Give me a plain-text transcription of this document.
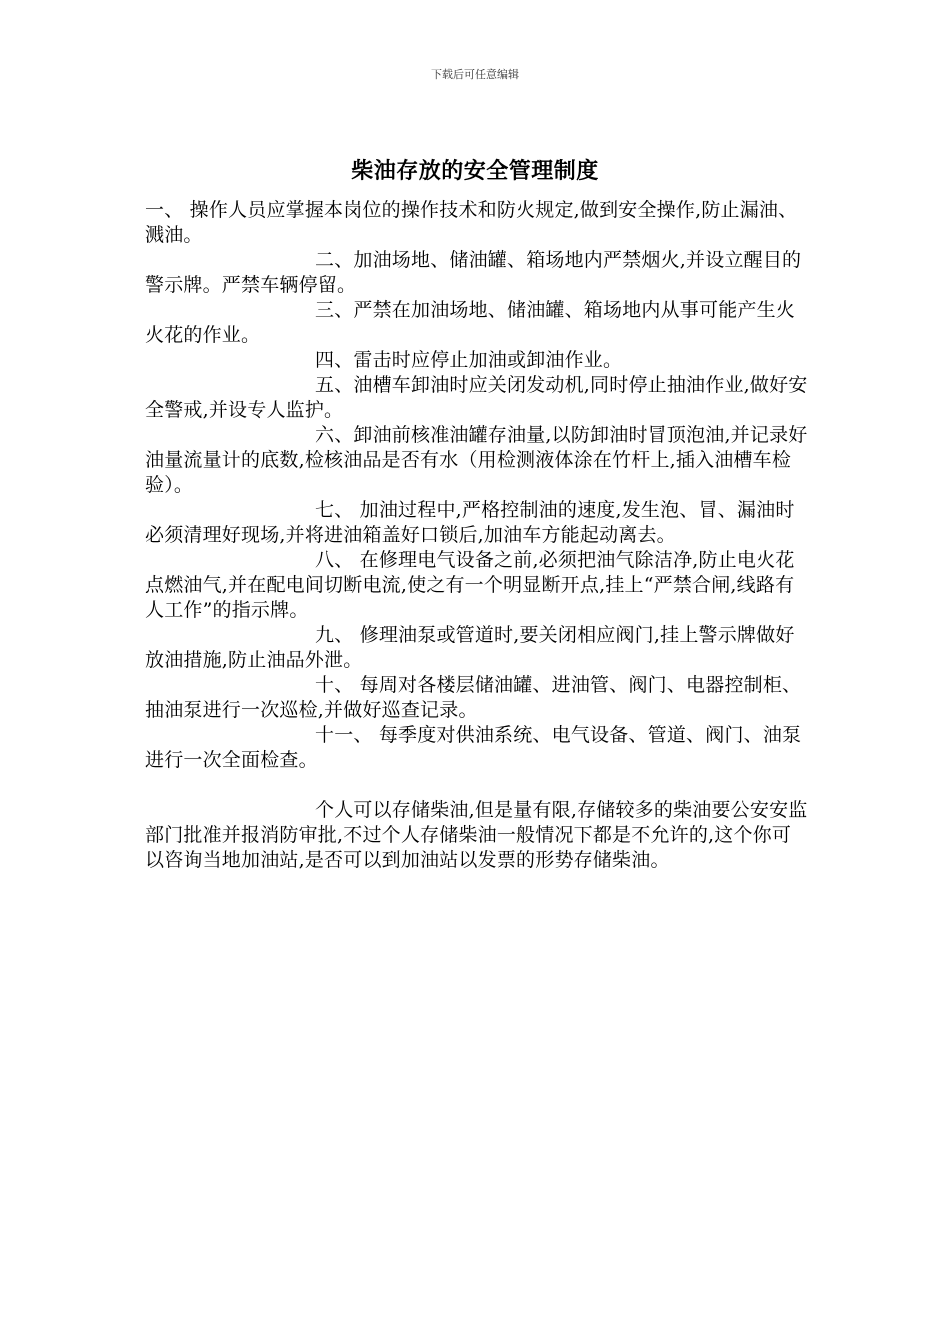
下载后可任意编辑
柴油存放的安全管理制度

一、 操作人员应掌握本岗位的操作技术和防火规定,做到安全操作,防止漏油、溅油。

二、加油场地、储油罐、箱场地内严禁烟火,并设立醒目的警示牌。严禁车辆停留。

三、严禁在加油场地、储油罐、箱场地内从事可能产生火火花的作业。

四、雷击时应停止加油或卸油作业。

五、油槽车卸油时应关闭发动机,同时停止抽油作业,做好安全警戒,并设专人监护。

六、卸油前核准油罐存油量,以防卸油时冒顶泡油,并记录好油量流量计的底数,检核油品是否有水（用检测液体涂在竹杆上,插入油槽车检验）。

七、 加油过程中,严格控制油的速度,发生泡、冒、漏油时必须清理好现场,并将进油箱盖好口锁后,加油车方能起动离去。

八、 在修理电气设备之前,必须把油气除洁净,防止电火花点燃油气,并在配电间切断电流,使之有一个明显断开点,挂上“严禁合闸,线路有人工作”的指示牌。

九、 修理油泵或管道时,要关闭相应阀门,挂上警示牌做好放油措施,防止油品外泄。

十、 每周对各楼层储油罐、进油管、阀门、电器控制柜、抽油泵进行一次巡检,并做好巡查记录。

十一、 每季度对供油系统、电气设备、管道、阀门、油泵进行一次全面检查。

个人可以存储柴油,但是量有限,存储较多的柴油要公安安监部门批准并报消防审批,不过个人存储柴油一般情况下都是不允许的,这个你可以咨询当地加油站,是否可以到加油站以发票的形势存储柴油。
